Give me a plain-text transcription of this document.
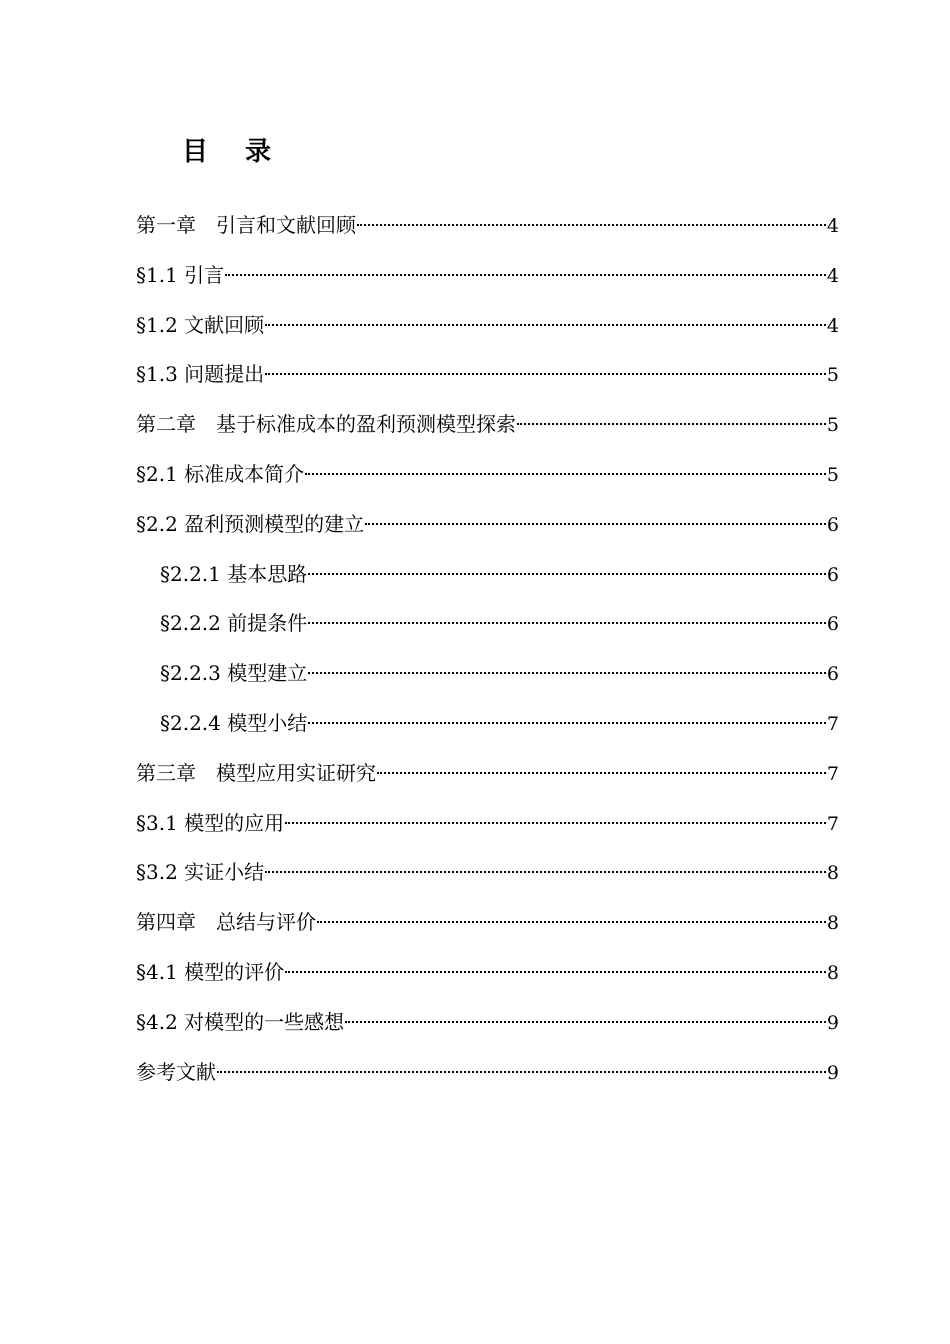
目 录
第一章　引言和文献回顾	4
§1.1 引言	4
§1.2 文献回顾	4
§1.3 问题提出	5
第二章　基于标准成本的盈利预测模型探索	5
§2.1 标准成本简介	5
§2.2 盈利预测模型的建立	6
§2.2.1 基本思路	6
§2.2.2 前提条件	6
§2.2.3 模型建立	6
§2.2.4 模型小结	7
第三章　模型应用实证研究	7
§3.1 模型的应用	7
§3.2 实证小结	8
第四章　总结与评价	8
§4.1 模型的评价	8
§4.2 对模型的一些感想	9
参考文献	9
